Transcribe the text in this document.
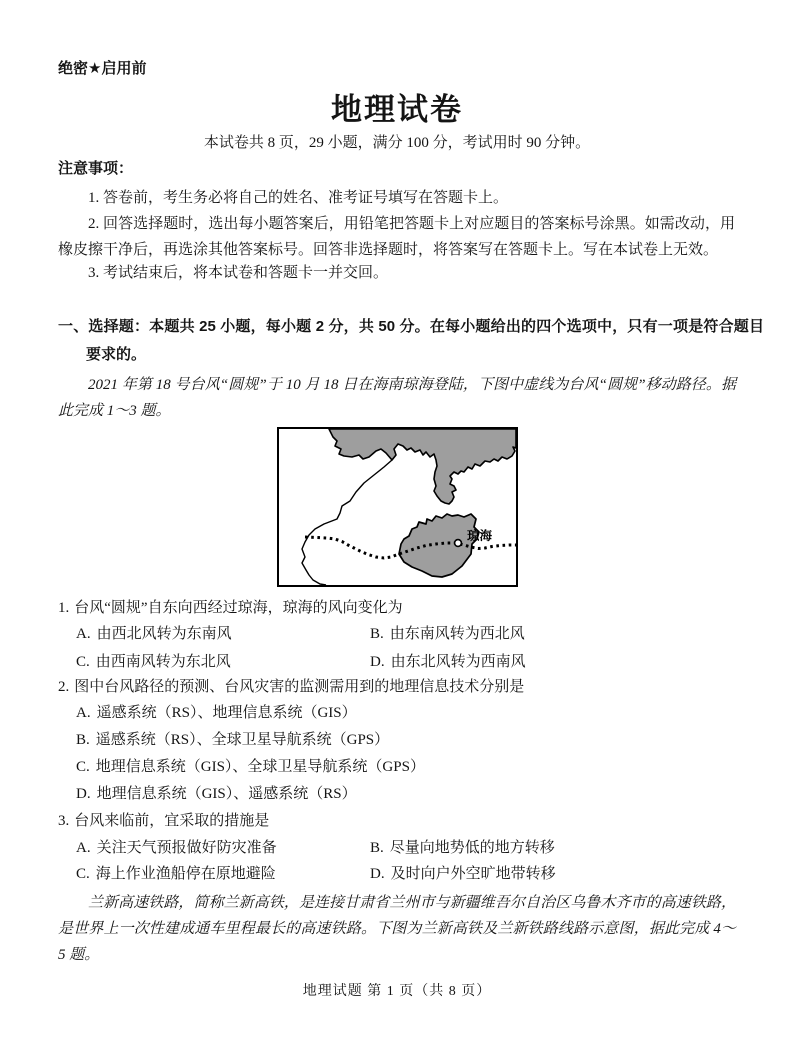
绝密★启用前
地理试卷
本试卷共 8 页，29 小题，满分 100 分，考试用时 90 分钟。
注意事项：
1. 答卷前，考生务必将自己的姓名、准考证号填写在答题卡上。
2. 回答选择题时，选出每小题答案后，用铅笔把答题卡上对应题目的答案标号涂黑。如需改动，用橡皮擦干净后，再选涂其他答案标号。回答非选择题时，将答案写在答题卡上。写在本试卷上无效。
3. 考试结束后，将本试卷和答题卡一并交回。
一、选择题：本题共 25 小题，每小题 2 分，共 50 分。在每小题给出的四个选项中，只有一项是符合题目要求的。
2021 年第 18 号台风“圆规”于 10 月 18 日在海南琼海登陆，下图中虚线为台风“圆规”移动路径。据此完成 1～3 题。
琼海
1. 台风“圆规”自东向西经过琼海，琼海的风向变化为
A. 由西北风转为东南风	B. 由东南风转为西北风
C. 由西南风转为东北风	D. 由东北风转为西南风
2. 图中台风路径的预测、台风灾害的监测需用到的地理信息技术分别是
A. 遥感系统（RS）、地理信息系统（GIS）
B. 遥感系统（RS）、全球卫星导航系统（GPS）
C. 地理信息系统（GIS）、全球卫星导航系统（GPS）
D. 地理信息系统（GIS）、遥感系统（RS）
3. 台风来临前，宜采取的措施是
A. 关注天气预报做好防灾准备	B. 尽量向地势低的地方转移
C. 海上作业渔船停在原地避险	D. 及时向户外空旷地带转移
兰新高速铁路，简称兰新高铁，是连接甘肃省兰州市与新疆维吾尔自治区乌鲁木齐市的高速铁路，是世界上一次性建成通车里程最长的高速铁路。下图为兰新高铁及兰新铁路线路示意图，据此完成 4～5 题。
地理试题 第 1 页（共 8 页）
